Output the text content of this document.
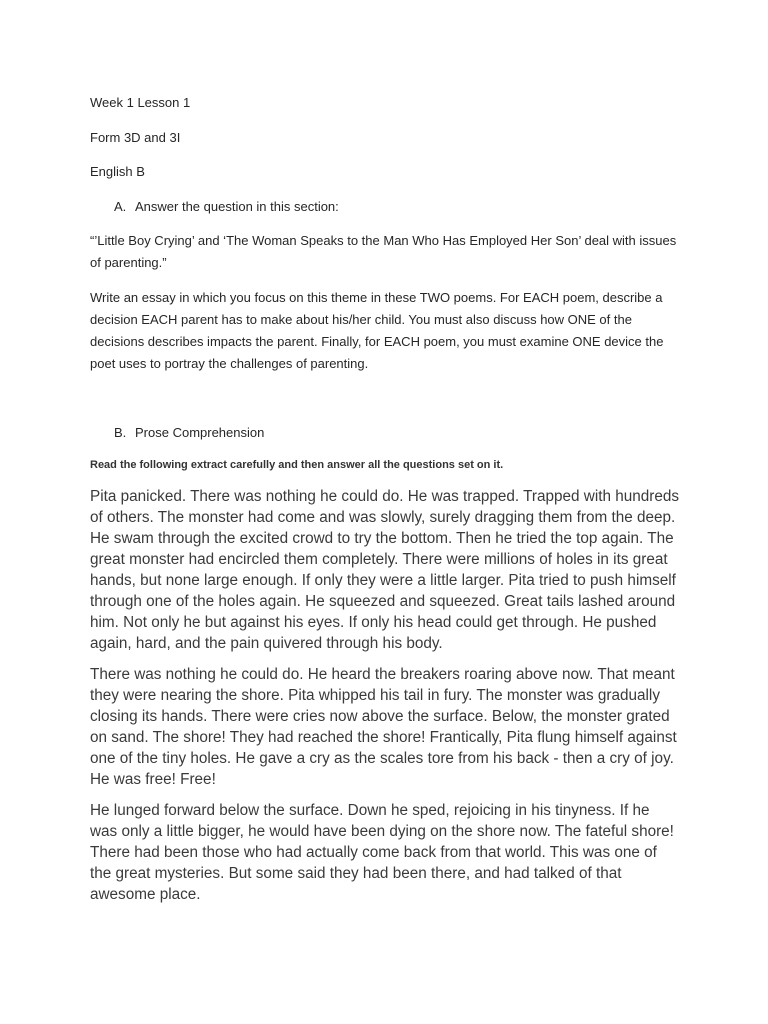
Week 1 Lesson 1
Form 3D and 3I
English B
A. Answer the question in this section:
“’Little Boy Crying’ and ‘The Woman Speaks to the Man Who Has Employed Her Son’ deal with issues of parenting.”
Write an essay in which you focus on this theme in these TWO poems. For EACH poem, describe a decision EACH parent has to make about his/her child. You must also discuss how ONE of the decisions describes impacts the parent. Finally, for EACH poem, you must examine ONE device the poet uses to portray the challenges of parenting.
B. Prose Comprehension
Read the following extract carefully and then answer all the questions set on it.

Pita panicked. There was nothing he could do. He was trapped. Trapped with hundreds of others. The monster had come and was slowly, surely dragging them from the deep. He swam through the excited crowd to try the bottom. Then he tried the top again. The great monster had encircled them completely. There were millions of holes in its great hands, but none large enough. If only they were a little larger. Pita tried to push himself through one of the holes again. He squeezed and squeezed. Great tails lashed around him. Not only he but against his eyes. If only his head could get through. He pushed again, hard, and the pain quivered through his body.

There was nothing he could do. He heard the breakers roaring above now. That meant they were nearing the shore. Pita whipped his tail in fury. The monster was gradually closing its hands. There were cries now above the surface. Below, the monster grated on sand. The shore! They had reached the shore! Frantically, Pita flung himself against one of the tiny holes. He gave a cry as the scales tore from his back - then a cry of joy. He was free! Free!

He lunged forward below the surface. Down he sped, rejoicing in his tinyness. If he was only a little bigger, he would have been dying on the shore now. The fateful shore! There had been those who had actually come back from that world. This was one of the great mysteries. But some said they had been there, and had talked of that awesome place.
